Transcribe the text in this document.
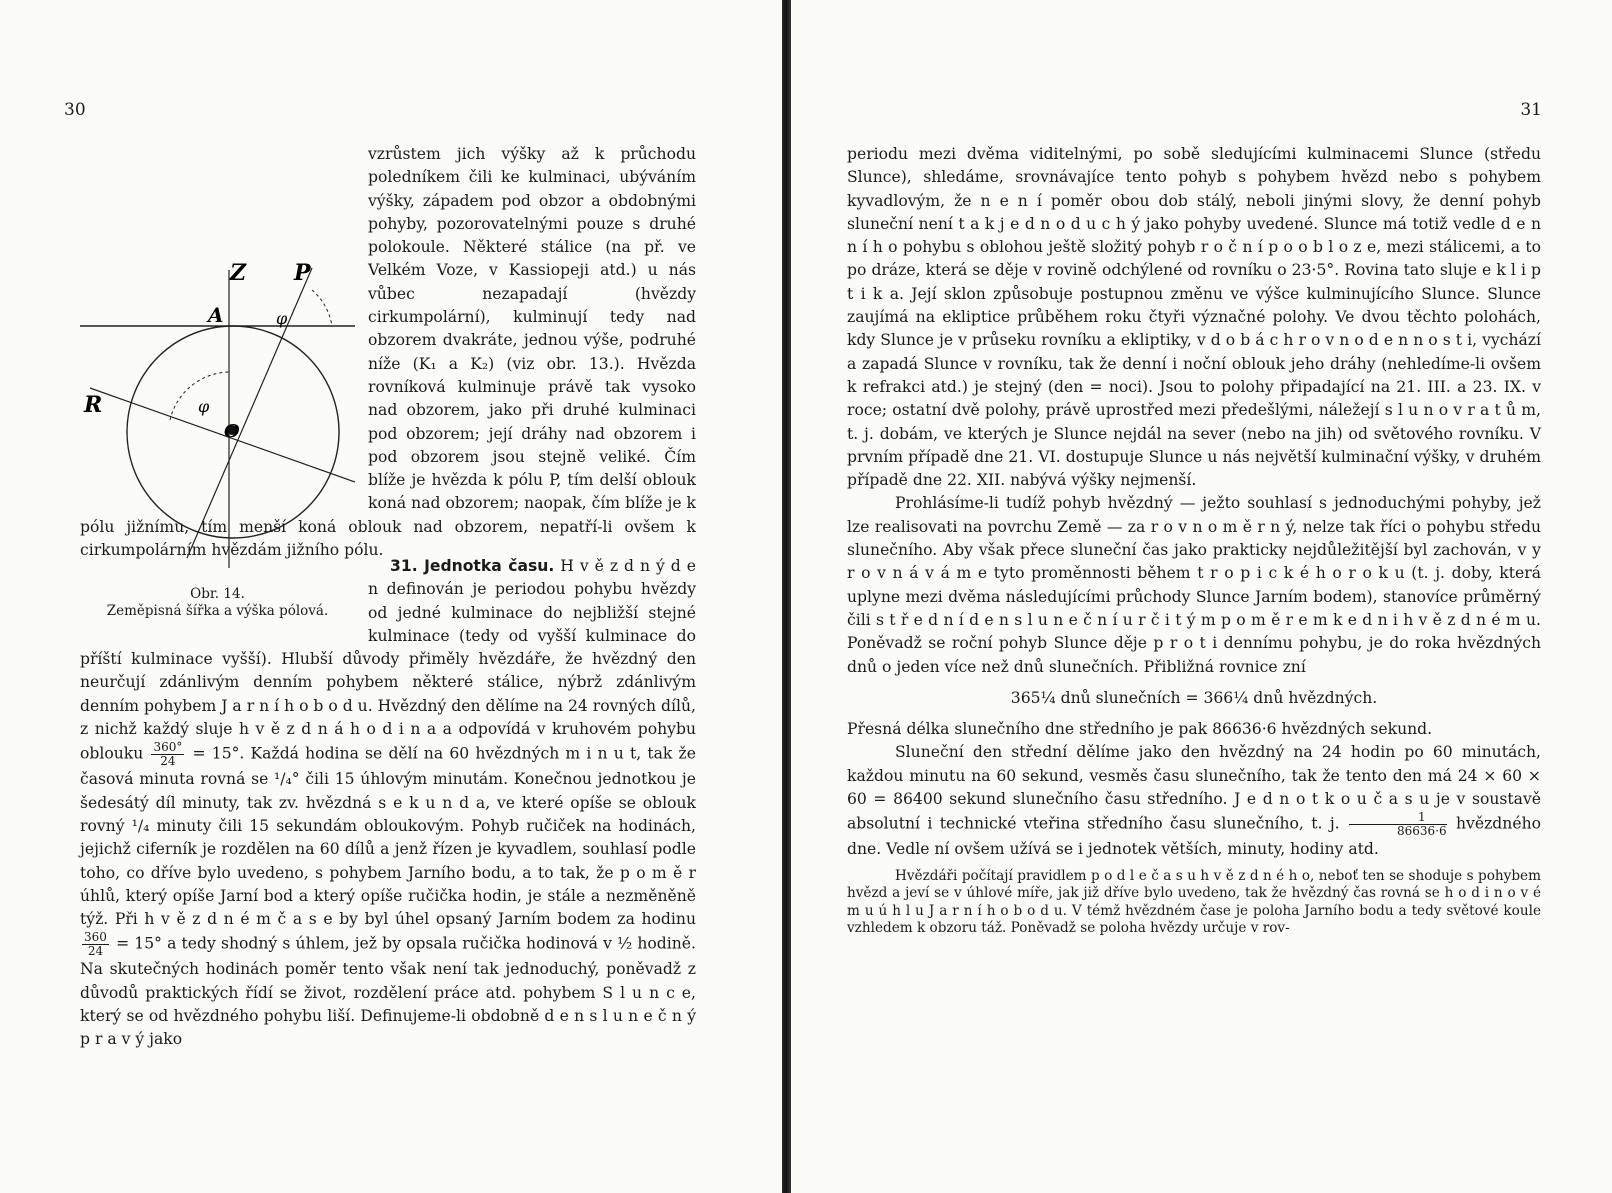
30

vzrůstem jich výšky až k průchodu poledníkem čili ke kulminaci, ubýváním výšky, západem pod obzor a obdobnými pohyby, pozorovatelnými pouze s druhé polokoule. Některé stálice (na př. ve Velkém Voze, v Kassiopeji atd.) u nás vůbec nezapadají (hvězdy cirkumpolární), kulminují tedy nad obzorem dvakráte, jednou výše, podruhé níže (K₁ a K₂) (viz obr. 13.). Hvězda rovníková kulminuje právě tak vysoko nad obzorem, jako při druhé kulminaci pod obzorem; její dráhy nad obzorem i pod obzorem jsou stejně veliké. Čím blíže je hvězda k pólu P, tím delší oblouk koná nad obzorem; naopak, čím blíže je k pólu jižnímu, tím menší koná oblouk nad obzorem, nepatří-li ovšem k cirkumpolárním hvězdám jižního pólu.

Z P
A
R
O
φ
φ
Obr. 14.
Zeměpisná šířka a výška pólová.

31. Jednotka času. H v ě z d n ý d e n definován je periodou pohybu hvězdy od jedné kulminace do nejbližší stejné kulminace (tedy od vyšší kulminace do příští kulminace vyšší). Hlubší důvody přiměly hvězdáře, že hvězdný den neurčují zdánlivým denním pohybem některé stálice, nýbrž zdánlivým denním pohybem J a r n í h o b o d u. Hvězdný den dělíme na 24 rovných dílů, z nichž každý sluje h v ě z d n á h o d i n a a odpovídá v kruhovém pohybu oblouku $\frac{360^\circ}{24} = 15^\circ$. Každá hodina se dělí na 60 hvězdných m i n u t, tak že časová minuta rovná se ¹/₄° čili 15 úhlovým minutám. Konečnou jednotkou je šedesátý díl minuty, tak zv. hvězdná s e k u n d a, ve které opíše se oblouk rovný ¹/₄ minuty čili 15 sekundám obloukovým. Pohyb ručiček na hodinách, jejichž ciferník je rozdělen na 60 dílů a jenž řízen je kyvadlem, souhlasí podle toho, co dříve bylo uvedeno, s pohybem Jarního bodu, a to tak, že p o m ě r úhlů, který opíše Jarní bod a který opíše ručička hodin, je stále a nezměněně týž. Při h v ě z d n é m č a s e by byl úhel opsaný Jarním bodem za hodinu
$\frac{360}{24} = 15^\circ$ a tedy shodný s úhlem, jež by opsala ručička hodinová v ½ hodině. Na skutečných hodinách poměr tento však není tak jednoduchý, poněvadž z důvodů praktických řídí se život, rozdělení práce atd. pohybem S l u n c e, který se od hvězdného pohybu liší. Definujeme-li obdobně d e n s l u n e č n ý p r a v ý jako

31

periodu mezi dvěma viditelnými, po sobě sledujícími kulminacemi Slunce (středu Slunce), shledáme, srovnávajíce tento pohyb s pohybem hvězd nebo s pohybem kyvadlovým, že n e n í poměr obou dob stálý, neboli jinými slovy, že denní pohyb sluneční není t a k j e d n o d u c h ý jako pohyby uvedené. Slunce má totiž vedle d e n n í h o pohybu s oblohou ještě složitý pohyb r o č n í p o o b l o z e, mezi stálicemi, a to po dráze, která se děje v rovině odchýlené od rovníku o 23·5°. Rovina tato sluje e k l i p t i k a. Její sklon způsobuje postupnou změnu ve výšce kulminujícího Slunce. Slunce zaujímá na ekliptice průběhem roku čtyři význačné polohy. Ve dvou těchto polohách, kdy Slunce je v průseku rovníku a ekliptiky, v d o b á c h r o v n o d e n n o s t i, vychází a zapadá Slunce v rovníku, tak že denní i noční oblouk jeho dráhy (nehledíme-li ovšem k refrakci atd.) je stejný (den = noci). Jsou to polohy připadající na 21. III. a 23. IX. v roce; ostatní dvě polohy, právě uprostřed mezi předešlými, náležejí s l u n o v r a t ů m, t. j. dobám, ve kterých je Slunce nejdál na sever (nebo na jih) od světového rovníku. V prvním případě dne 21. VI. dostupuje Slunce u nás největší kulminační výšky, v druhém případě dne 22. XII. nabývá výšky nejmenší.

Prohlásíme-li tudíž pohyb hvězdný — ježto souhlasí s jednoduchými pohyby, jež lze realisovati na povrchu Země — za r o v n o m ě r n ý, nelze tak říci o pohybu středu slunečního. Aby však přece sluneční čas jako prakticky nejdůležitější byl zachován, v y r o v n á v á m e tyto proměnnosti během t r o p i c k é h o r o k u (t. j. doby, která uplyne mezi dvěma následujícími průchody Slunce Jarním bodem), stanovíce průměrný čili s t ř e d n í d e n s l u n e č n í u r č i t ý m p o m ě r e m k e d n i h v ě z d n é m u. Poněvadž se roční pohyb Slunce děje p r o t i dennímu pohybu, je do roka hvězdných dnů o jeden více než dnů slunečních. Přibližná rovnice zní

365¼ dnů slunečních = 366¼ dnů hvězdných.

Přesná délka slunečního dne středního je pak 86636·6 hvězdných sekund.

Sluneční den střední dělíme jako den hvězdný na 24 hodin po 60 minutách, každou minutu na 60 sekund, vesměs času slunečního, tak že tento den má 24 × 60 × 60 = 86400 sekund slunečního času středního. J e d n o t k o u č a s u je v soustavě absolutní i technické vteřina středního času slunečního, t. j. $\frac{1}{86636\cdot 6}$ hvězdného dne. Vedle ní ovšem užívá se i jednotek větších, minuty, hodiny atd.

Hvězdáři počítají pravidlem p o d l e č a s u h v ě z d n é h o, neboť ten se shoduje s pohybem hvězd a jeví se v úhlové míře, jak již dříve bylo uvedeno, tak že hvězdný čas rovná se h o d i n o v é m u ú h l u J a r n í h o b o d u. V témž hvězdném čase je poloha Jarního bodu a tedy světové koule vzhledem k obzoru táž. Poněvadž se poloha hvězdy určuje v rov-
